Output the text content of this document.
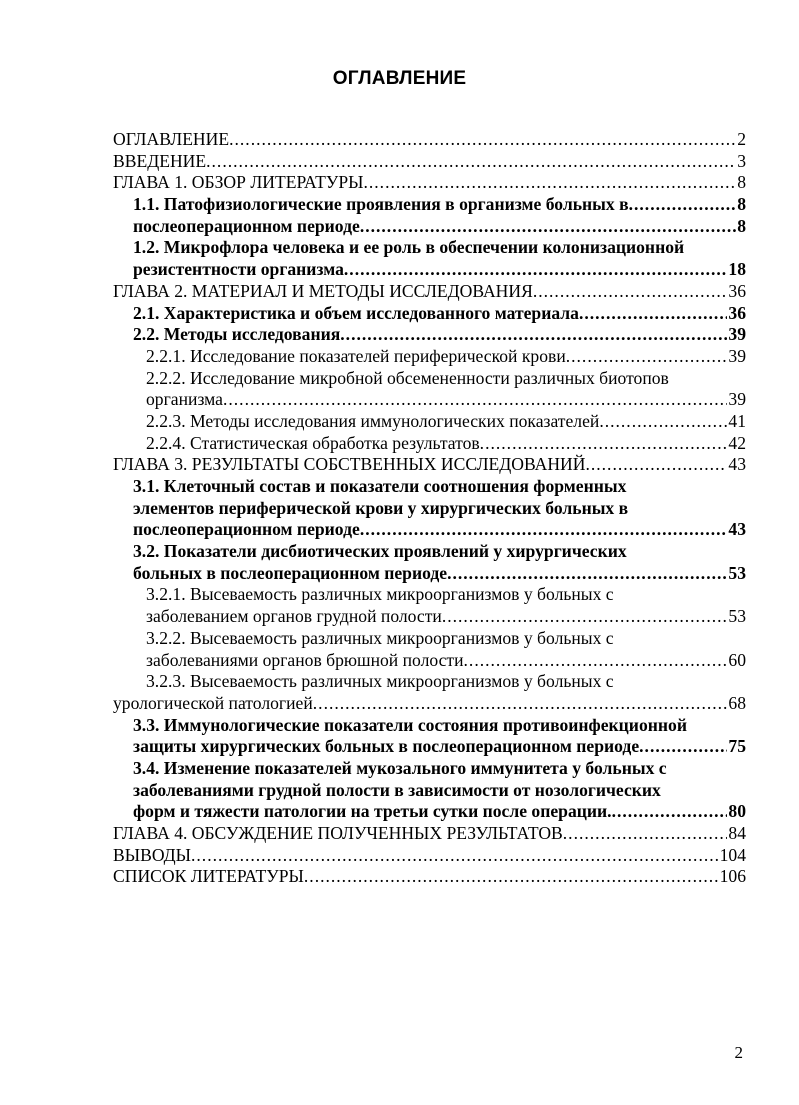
ОГЛАВЛЕНИЕ
ОГЛАВЛЕНИЕ .....	2
ВВЕДЕНИЕ .....	3
ГЛАВА 1. ОБЗОР ЛИТЕРАТУРЫ .....	8
1.1. Патофизиологические проявления в организме больных в .....	8
послеоперационном периоде .....	8
1.2. Микрофлора человека и ее роль в обеспечении колонизационной
резистентности организма .....	18
ГЛАВА 2. МАТЕРИАЛ И МЕТОДЫ ИССЛЕДОВАНИЯ .....	36
2.1. Характеристика и объем исследованного материала .....	36
2.2. Методы исследования .....	39
2.2.1. Исследование показателей периферической крови .....	39
2.2.2. Исследование микробной обсемененности различных биотопов
организма .....	39
2.2.3. Методы исследования иммунологических показателей .....	41
2.2.4. Статистическая обработка результатов .....	42
ГЛАВА 3. РЕЗУЛЬТАТЫ СОБСТВЕННЫХ ИССЛЕДОВАНИЙ .....	43
3.1. Клеточный состав и показатели соотношения форменных
элементов периферической крови у хирургических больных в
послеоперационном периоде .....	43
3.2. Показатели дисбиотических проявлений у хирургических
больных в послеоперационном периоде .....	53
3.2.1. Высеваемость различных микроорганизмов у больных с
заболеванием органов грудной полости .....	53
3.2.2. Высеваемость различных микроорганизмов у больных с
заболеваниями органов брюшной полости .....	60
3.2.3. Высеваемость различных микроорганизмов у больных с
урологической патологией .....	68
3.3. Иммунологические показатели состояния противоинфекционной
защиты хирургических больных в послеоперационном периоде .....	75
3.4. Изменение показателей мукозального иммунитета у больных с
заболеваниями грудной полости в зависимости от нозологических
форм и тяжести патологии на третьи сутки после операции. .....	80
ГЛАВА 4. ОБСУЖДЕНИЕ ПОЛУЧЕННЫХ РЕЗУЛЬТАТОВ .....	84
ВЫВОДЫ .....	104
СПИСОК ЛИТЕРАТУРЫ .....	106
2
